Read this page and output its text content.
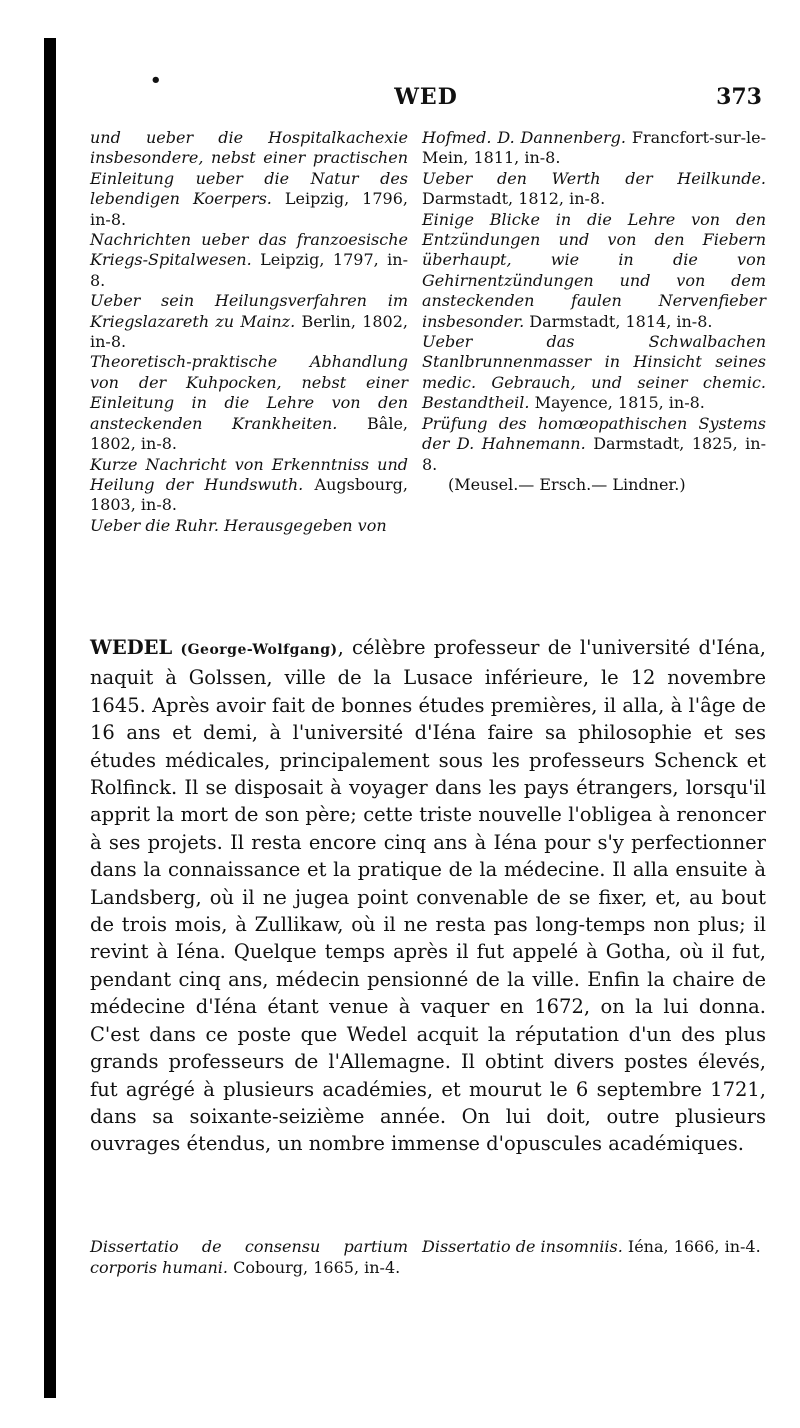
•
WED	373

und ueber die Hospitalkachexie insbesondere, nebst einer practischen Einleitung ueber die Natur des lebendigen Koerpers. Leipzig, 1796, in-8.

Nachrichten ueber das franzoesische Kriegs-Spitalwesen. Leipzig, 1797, in-8.

Ueber sein Heilungsverfahren im Kriegslazareth zu Mainz. Berlin, 1802, in-8.

Theoretisch-praktische Abhandlung von der Kuhpocken, nebst einer Einleitung in die Lehre von den ansteckenden Krankheiten. Bâle, 1802, in-8.

Kurze Nachricht von Erkenntniss und Heilung der Hundswuth. Augsbourg, 1803, in-8.

Ueber die Ruhr. Herausgegeben von

Hofmed. D. Dannenberg. Francfort-sur-le-Mein, 1811, in-8.

Ueber den Werth der Heilkunde. Darmstadt, 1812, in-8.

Einige Blicke in die Lehre von den Entzündungen und von den Fiebern überhaupt, wie in die von Gehirnentzündungen und von dem ansteckenden faulen Nervenfieber insbesonder. Darmstadt, 1814, in-8.

Ueber das Schwalbachen Stanlbrunnenmasser in Hinsicht seines medic. Gebrauch, und seiner chemic. Bestandtheil. Mayence, 1815, in-8.

Prüfung des homœopathischen Systems der D. Hahnemann. Darmstadt, 1825, in-8.

(Meusel.— Ersch.— Lindner.)

WEDEL (George-Wolfgang), célèbre professeur de l'université d'Iéna, naquit à Golssen, ville de la Lusace inférieure, le 12 novembre 1645. Après avoir fait de bonnes études premières, il alla, à l'âge de 16 ans et demi, à l'université d'Iéna faire sa philosophie et ses études médicales, principalement sous les professeurs Schenck et Rolfinck. Il se disposait à voyager dans les pays étrangers, lorsqu'il apprit la mort de son père; cette triste nouvelle l'obligea à renoncer à ses projets. Il resta encore cinq ans à Iéna pour s'y perfectionner dans la connaissance et la pratique de la médecine. Il alla ensuite à Landsberg, où il ne jugea point convenable de se fixer, et, au bout de trois mois, à Zullikaw, où il ne resta pas long-temps non plus; il revint à Iéna. Quelque temps après il fut appelé à Gotha, où il fut, pendant cinq ans, médecin pensionné de la ville. Enfin la chaire de médecine d'Iéna étant venue à vaquer en 1672, on la lui donna. C'est dans ce poste que Wedel acquit la réputation d'un des plus grands professeurs de l'Allemagne. Il obtint divers postes élevés, fut agrégé à plusieurs académies, et mourut le 6 septembre 1721, dans sa soixante-seizième année. On lui doit, outre plusieurs ouvrages étendus, un nombre immense d'opuscules académiques.
Dissertatio de consensu partium corporis humani. Cobourg, 1665, in-4.
Dissertatio de insomniis. Iéna, 1666, in-4.
